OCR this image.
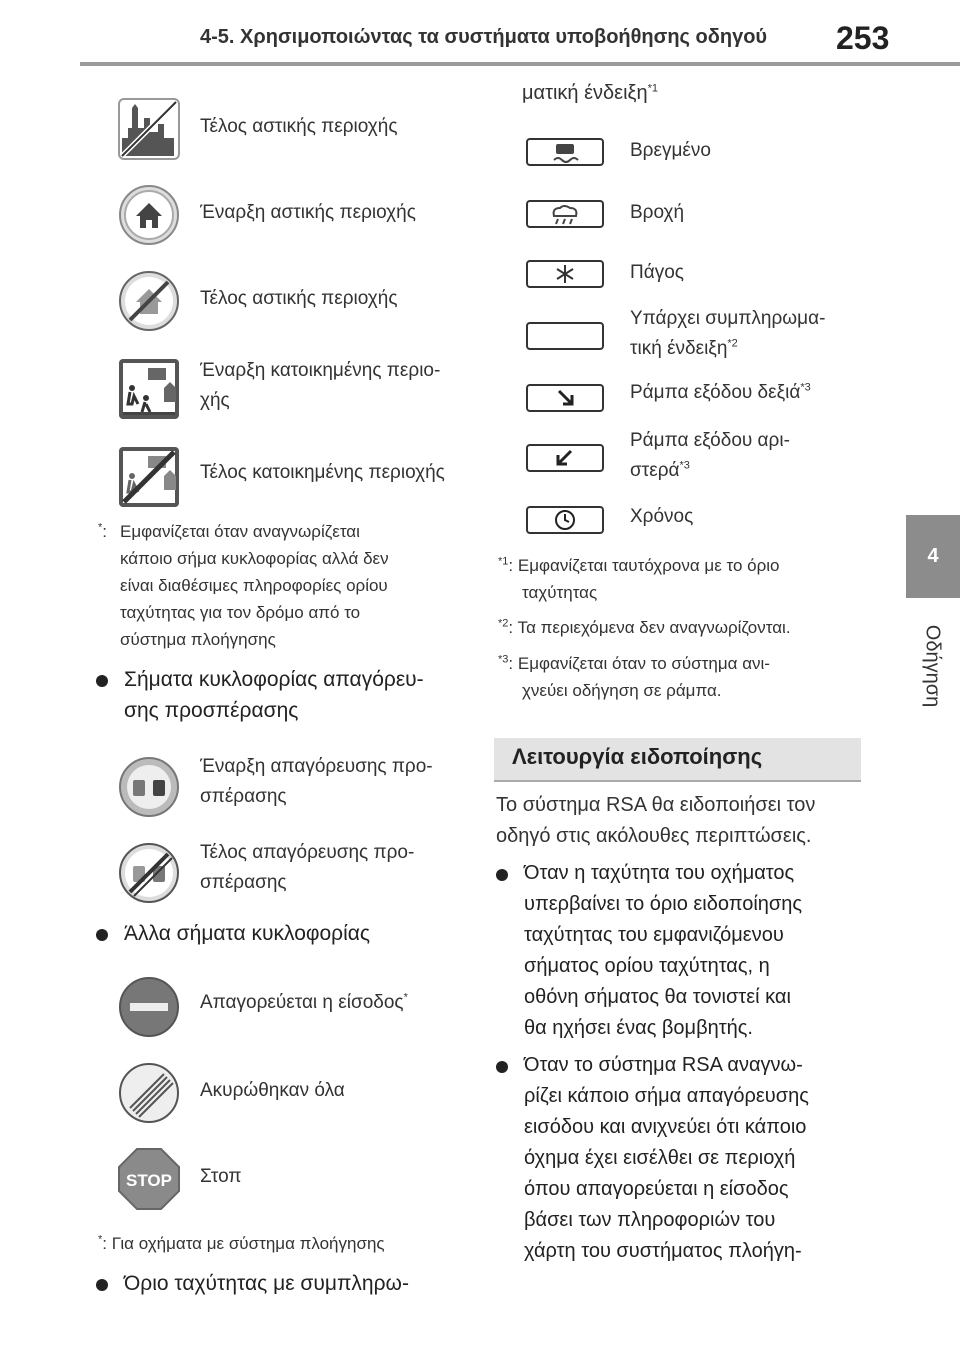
4-5. Χρησιμοποιώντας τα συστήματα υποβοήθησης οδηγού 253
4
Οδήγηση
Τέλος αστικής περιοχής
Έναρξη αστικής περιοχής
Τέλος αστικής περιοχής
Έναρξη κατοικημένης περιο-
χής
Τέλος κατοικημένης περιοχής
*: Εμφανίζεται όταν αναγνωρίζεται
κάποιο σήμα κυκλοφορίας αλλά δεν
είναι διαθέσιμες πληροφορίες ορίου
ταχύτητας για τον δρόμο από το
σύστημα πλοήγησης
Σήματα κυκλοφορίας απαγόρευ-
σης προσπέρασης
Έναρξη απαγόρευσης προ-
σπέρασης
Τέλος απαγόρευσης προ-
σπέρασης
Άλλα σήματα κυκλοφορίας
Απαγορεύεται η είσοδος*
Ακυρώθηκαν όλα
STOP Στοπ
*: Για οχήματα με σύστημα πλοήγησης
Όριο ταχύτητας με συμπληρω-
ματική ένδειξη$^{*1}$
Βρεγμένο
Βροχή
Πάγος
Υπάρχει συμπληρωμα-
τική ένδειξη$^{*2}$
Ράμπα εξόδου δεξιά$^{*3}$
Ράμπα εξόδου αρι-
στερά$^{*3}$
Χρόνος
$^{*1}$: Εμφανίζεται ταυτόχρονα με το όριο
ταχύτητας
$^{*2}$: Τα περιεχόμενα δεν αναγνωρίζονται.
$^{*3}$: Εμφανίζεται όταν το σύστημα ανι-
χνεύει οδήγηση σε ράμπα.
Λειτουργία ειδοποίησης
Το σύστημα RSA θα ειδοποιήσει τον
οδηγό στις ακόλουθες περιπτώσεις.
Όταν η ταχύτητα του οχήματος
υπερβαίνει το όριο ειδοποίησης
ταχύτητας του εμφανιζόμενου
σήματος ορίου ταχύτητας, η
οθόνη σήματος θα τονιστεί και
θα ηχήσει ένας βομβητής.
Όταν το σύστημα RSA αναγνω-
ρίζει κάποιο σήμα απαγόρευσης
εισόδου και ανιχνεύει ότι κάποιο
όχημα έχει εισέλθει σε περιοχή
όπου απαγορεύεται η είσοδος
βάσει των πληροφοριών του
χάρτη του συστήματος πλοήγη-
